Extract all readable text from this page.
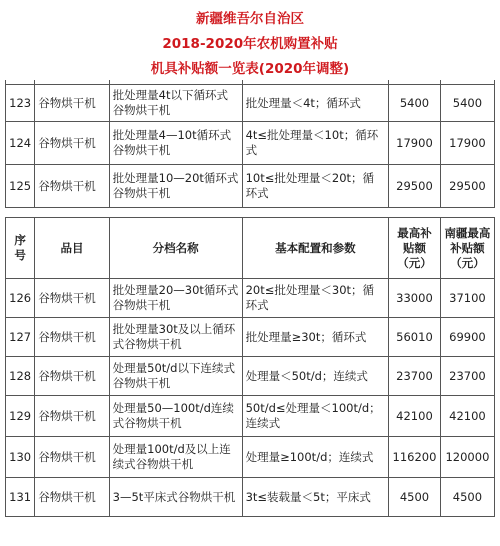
新疆维吾尔自治区
2018-2020年农机购置补贴
机具补贴额一览表(2020年调整)

123	谷物烘干机	批处理量4t以下循环式谷物烘干机	批处理量＜4t；循环式	5400	5400
124	谷物烘干机	批处理量4—10t循环式谷物烘干机	4t≤批处理量＜10t；循环式	17900	17900
125	谷物烘干机	批处理量10—20t循环式谷物烘干机	10t≤批处理量＜20t；循环式	29500	29500
序号	品目	分档名称	基本配置和参数	最高补贴额（元）	南疆最高补贴额（元）
126	谷物烘干机	批处理量20—30t循环式谷物烘干机	20t≤批处理量＜30t；循环式	33000	37100
127	谷物烘干机	批处理量30t及以上循环式谷物烘干机	批处理量≥30t；循环式	56010	69900
128	谷物烘干机	处理量50t/d以下连续式谷物烘干机	处理量＜50t/d；连续式	23700	23700
129	谷物烘干机	处理量50—100t/d连续式谷物烘干机	50t/d≤处理量＜100t/d；连续式	42100	42100
130	谷物烘干机	处理量100t/d及以上连续式谷物烘干机	处理量≥100t/d；连续式	116200	120000
131	谷物烘干机	3—5t平床式谷物烘干机	3t≤装载量＜5t；平床式	4500	4500
